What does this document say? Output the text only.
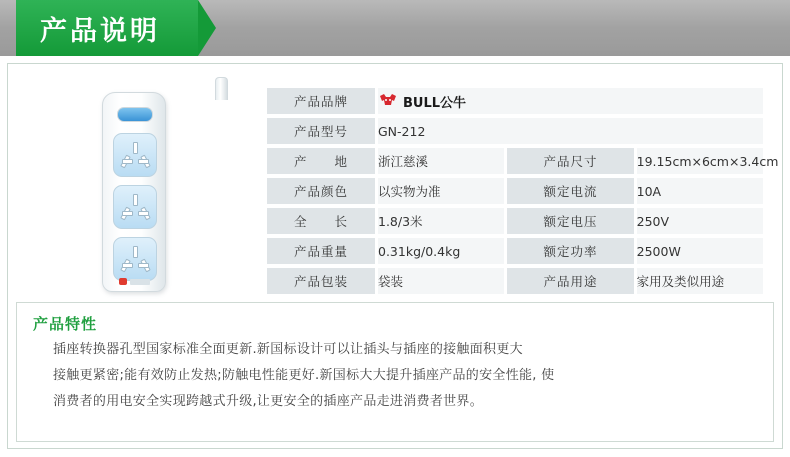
产品说明
产品品牌	BULL公牛		

产品型号	GN-212		
产　　地	浙江慈溪	产品尺寸	19.15cm×6cm×3.4cm
产品颜色	以实物为准	额定电流	10A
全　　长	1.8/3米	额定电压	250V
产品重量	0.31kg/0.4kg	额定功率	2500W
产品包装	袋装	产品用途	家用及类似用途
产品特性

插座转换器孔型国家标准全面更新.新国标设计可以让插头与插座的接触面积更大

接触更紧密;能有效防止发热;防触电性能更好.新国标大大提升插座产品的安全性能, 使

消费者的用电安全实现跨越式升级,让更安全的插座产品走进消费者世界。
